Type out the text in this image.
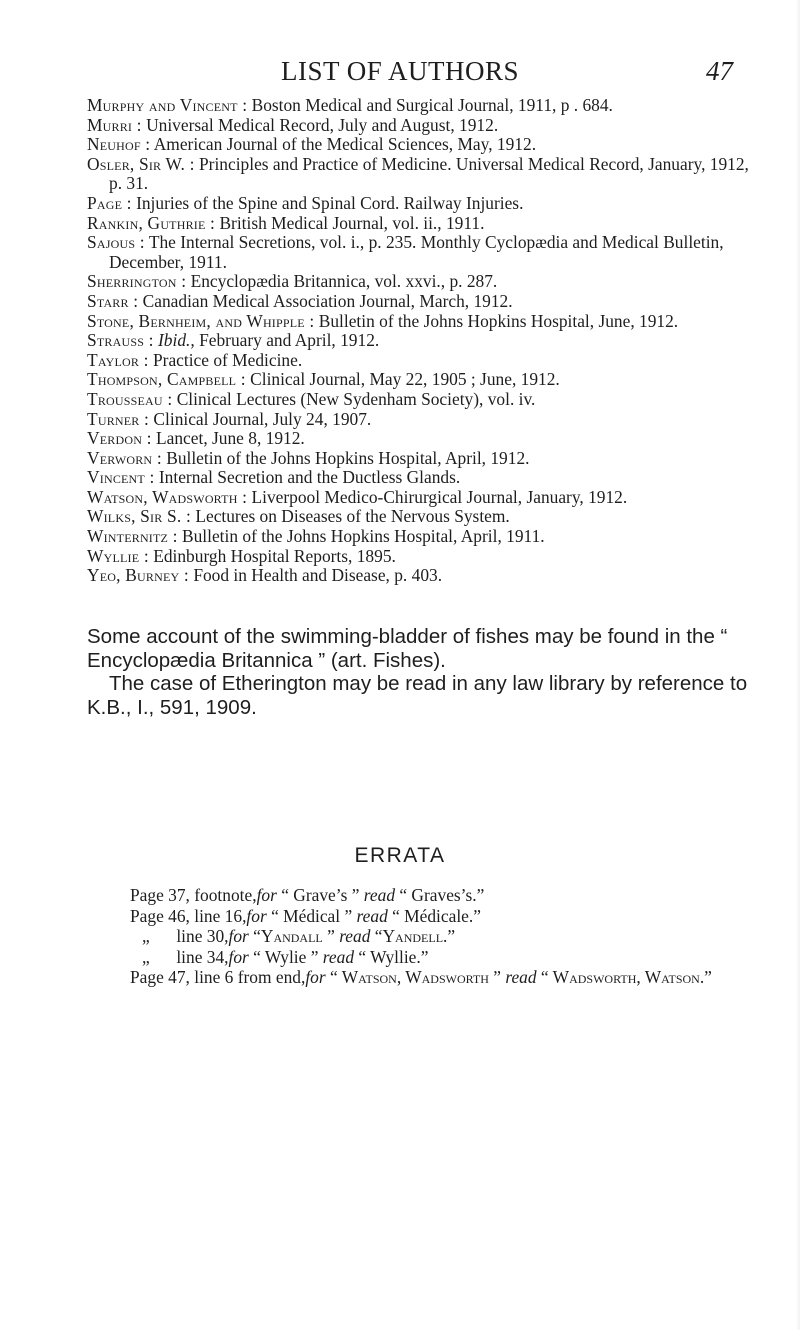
LIST OF AUTHORS	47
Murphy and Vincent : Boston Medical and Surgical Journal, 1911, p . 684.
Murri : Universal Medical Record, July and August, 1912.
Neuhof : American Journal of the Medical Sciences, May, 1912.
Osler, Sir W. : Principles and Practice of Medicine. Universal Medical Record, January, 1912, p. 31.
Page : Injuries of the Spine and Spinal Cord. Railway Injuries.
Rankin, Guthrie : British Medical Journal, vol. ii., 1911.
Sajous : The Internal Secretions, vol. i., p. 235. Monthly Cyclopædia and Medical Bulletin, December, 1911.
Sherrington : Encyclopædia Britannica, vol. xxvi., p. 287.
Starr : Canadian Medical Association Journal, March, 1912.
Stone, Bernheim, and Whipple : Bulletin of the Johns Hopkins Hospital, June, 1912.
Strauss : Ibid., February and April, 1912.
Taylor : Practice of Medicine.
Thompson, Campbell : Clinical Journal, May 22, 1905 ; June, 1912.
Trousseau : Clinical Lectures (New Sydenham Society), vol. iv.
Turner : Clinical Journal, July 24, 1907.
Verdon : Lancet, June 8, 1912.
Verworn : Bulletin of the Johns Hopkins Hospital, April, 1912.
Vincent : Internal Secretion and the Ductless Glands.
Watson, Wadsworth : Liverpool Medico-Chirurgical Journal, January, 1912.
Wilks, Sir S. : Lectures on Diseases of the Nervous System.
Winternitz : Bulletin of the Johns Hopkins Hospital, April, 1911.
Wyllie : Edinburgh Hospital Reports, 1895.
Yeo, Burney : Food in Health and Disease, p. 403.

Some account of the swimming-bladder of fishes may be found in the “ Encyclopædia Britannica ” (art. Fishes).

The case of Etherington may be read in any law library by reference to K.B., I., 591, 1909.

ERRATA
Page 37, footnote,for “ Grave’s ” read “ Graves’s.”
Page 46, line 16,for “ Médical ” read “ Médicale.”
„ line 30,for “Yandall ” read “Yandell.”
„ line 34,for “ Wylie ” read “ Wyllie.”
Page 47, line 6 from end,for “ Watson, Wadsworth ” read “ Wadsworth, Watson.”
